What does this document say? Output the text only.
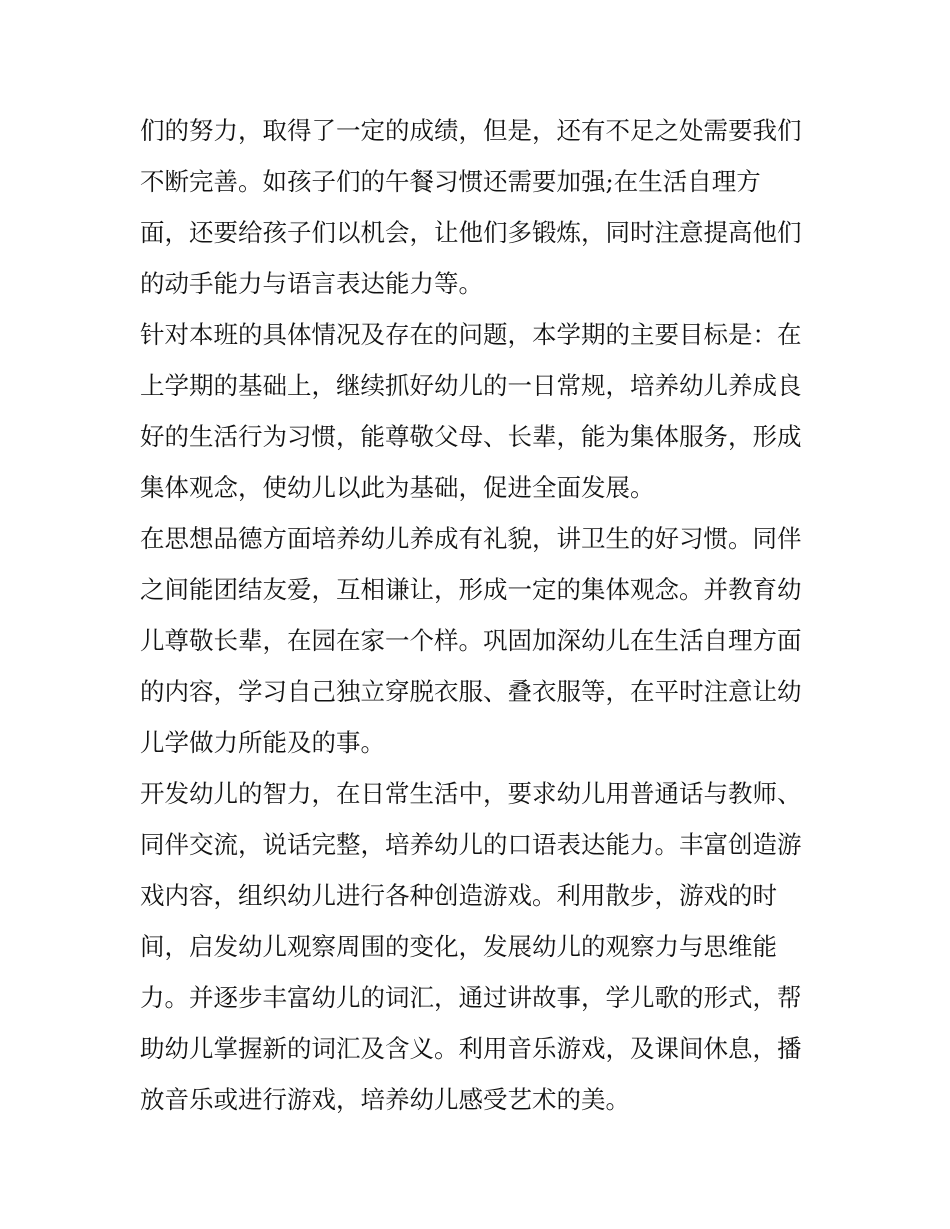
们的努力，取得了一定的成绩，但是，还有不足之处需要我们
不断完善。如孩子们的午餐习惯还需要加强;在生活自理方
面，还要给孩子们以机会，让他们多锻炼，同时注意提高他们
的动手能力与语言表达能力等。
针对本班的具体情况及存在的问题，本学期的主要目标是：在
上学期的基础上，继续抓好幼儿的一日常规，培养幼儿养成良
好的生活行为习惯，能尊敬父母、长辈，能为集体服务，形成
集体观念，使幼儿以此为基础，促进全面发展。
在思想品德方面培养幼儿养成有礼貌，讲卫生的好习惯。同伴
之间能团结友爱，互相谦让，形成一定的集体观念。并教育幼
儿尊敬长辈，在园在家一个样。巩固加深幼儿在生活自理方面
的内容，学习自己独立穿脱衣服、叠衣服等，在平时注意让幼
儿学做力所能及的事。
开发幼儿的智力，在日常生活中，要求幼儿用普通话与教师、
同伴交流，说话完整，培养幼儿的口语表达能力。丰富创造游
戏内容，组织幼儿进行各种创造游戏。利用散步，游戏的时
间，启发幼儿观察周围的变化，发展幼儿的观察力与思维能
力。并逐步丰富幼儿的词汇，通过讲故事，学儿歌的形式，帮
助幼儿掌握新的词汇及含义。利用音乐游戏，及课间休息，播
放音乐或进行游戏，培养幼儿感受艺术的美。
